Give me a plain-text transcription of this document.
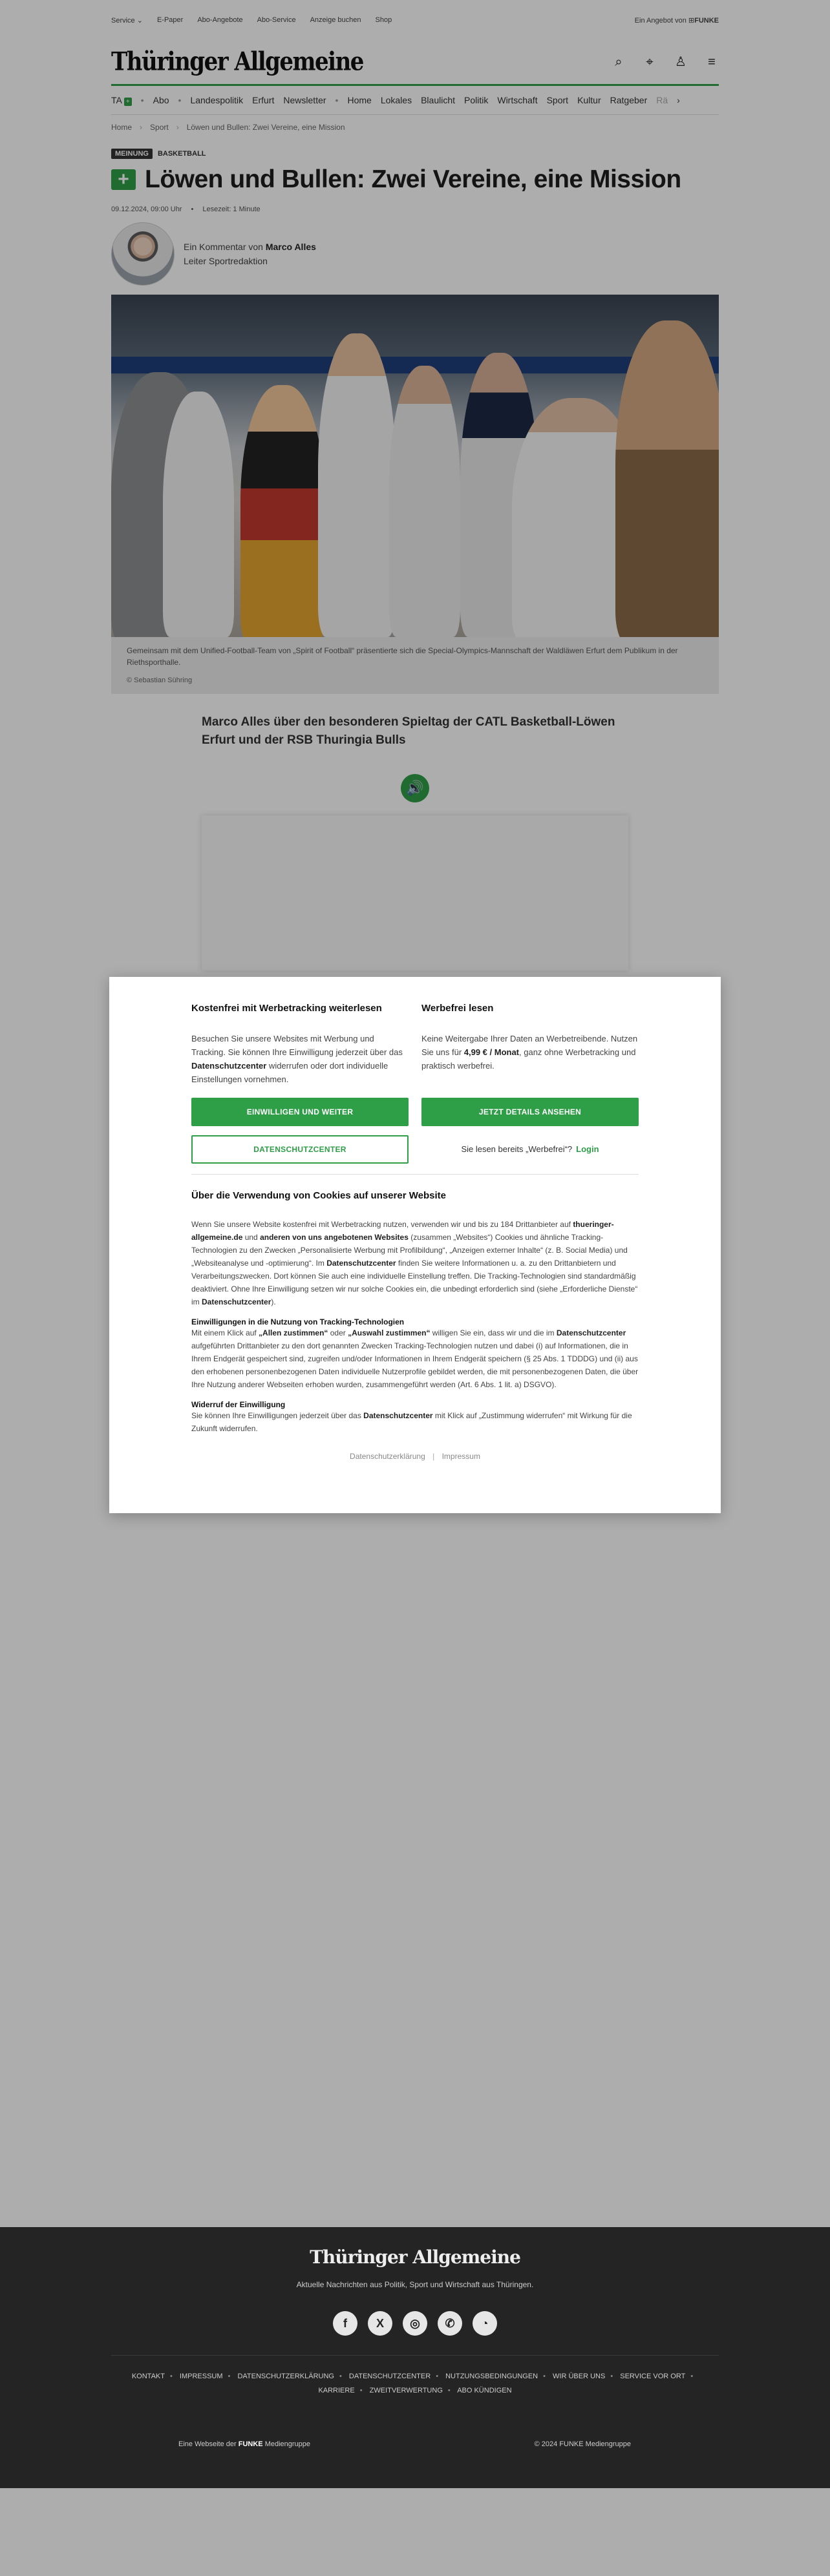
Service ⌄ E-Paper Abo-Angebote Abo-Service Anzeige buchen Shop	Ein Angebot von ⊞FUNKE
Thüringer Allgemeine	⌕ ⌖ ♙ ≡
TA + • Abo • Landespolitik Erfurt Newsletter • Home Lokales Blaulicht Politik Wirtschaft Sport Kultur Ratgeber Rä ›
Home › Sport › Löwen und Bullen: Zwei Vereine, eine Mission
MEINUNG	BASKETBALL
+ Löwen und Bullen: Zwei Vereine, eine Mission
09.12.2024, 09:00 Uhr • Lesezeit: 1 Minute
Ein Kommentar von Marco Alles
Leiter Sportredaktion
Gemeinsam mit dem Unified-Football-Team von „Spirit of Football“ präsentierte sich die Special-Olympics-Mannschaft der Waldläwen Erfurt dem Publikum in der Riethsporthalle.
© Sebastian Sühring
Marco Alles über den besonderen Spieltag der CATL Basketball-Löwen Erfurt und der RSB Thuringia Bulls
🔊
Kostenfrei mit Werbetracking weiterlesen

Besuchen Sie unsere Websites mit Werbung und Tracking. Sie können Ihre Einwilligung jederzeit über das Datenschutzcenter widerrufen oder dort individuelle Einstellungen vornehmen.

EINWILLIGEN UND WEITER
DATENSCHUTZCENTER
Werbefrei lesen

Keine Weitergabe Ihrer Daten an Werbetreibende. Nutzen Sie uns für 4,99 € / Monat, ganz ohne Werbetracking und praktisch werbefrei.

JETZT DETAILS ANSEHEN
Sie lesen bereits „Werbefrei“? Login
Über die Verwendung von Cookies auf unserer Website
Wenn Sie unsere Website kostenfrei mit Werbetracking nutzen, verwenden wir und bis zu 184 Drittanbieter auf thueringer-allgemeine.de und anderen von uns angebotenen Websites (zusammen „Websites“) Cookies und ähnliche Tracking-Technologien zu den Zwecken „Personalisierte Werbung mit Profilbildung“, „Anzeigen externer Inhalte“ (z. B. Social Media) und „Websiteanalyse und -optimierung“. Im Datenschutzcenter finden Sie weitere Informationen u. a. zu den Drittanbietern und Verarbeitungszwecken. Dort können Sie auch eine individuelle Einstellung treffen. Die Tracking-Technologien sind standardmäßig deaktiviert. Ohne Ihre Einwilligung setzen wir nur solche Cookies ein, die unbedingt erforderlich sind (siehe „Erforderliche Dienste“ im Datenschutzcenter).
Einwilligungen in die Nutzung von Tracking-Technologien
Mit einem Klick auf „Allen zustimmen“ oder „Auswahl zustimmen“ willigen Sie ein, dass wir und die im Datenschutzcenter aufgeführten Drittanbieter zu den dort genannten Zwecken Tracking-Technologien nutzen und dabei (i) auf Informationen, die in Ihrem Endgerät gespeichert sind, zugreifen und/oder Informationen in Ihrem Endgerät speichern (§ 25 Abs. 1 TDDDG) und (ii) aus den erhobenen personenbezogenen Daten individuelle Nutzerprofile gebildet werden, die mit personenbezogenen Daten, die über Ihre Nutzung anderer Webseiten erhoben wurden, zusammengeführt werden (Art. 6 Abs. 1 lit. a) DSGVO).
Widerruf der Einwilligung
Sie können Ihre Einwilligungen jederzeit über das Datenschutzcenter mit Klick auf „Zustimmung widerrufen“ mit Wirkung für die Zukunft widerrufen.
Datenschutzerklärung | Impressum
Thüringer Allgemeine
Aktuelle Nachrichten aus Politik, Sport und Wirtschaft aus Thüringen.
f	X	◎	✆	◔
KONTAKT • IMPRESSUM • DATENSCHUTZERKLÄRUNG • DATENSCHUTZCENTER • NUTZUNGSBEDINGUNGEN • WIR ÜBER UNS • SERVICE VOR ORT • KARRIERE • ZWEITVERWERTUNG • ABO KÜNDIGEN
Eine Webseite der FUNKE Mediengruppe	© 2024 FUNKE Mediengruppe
